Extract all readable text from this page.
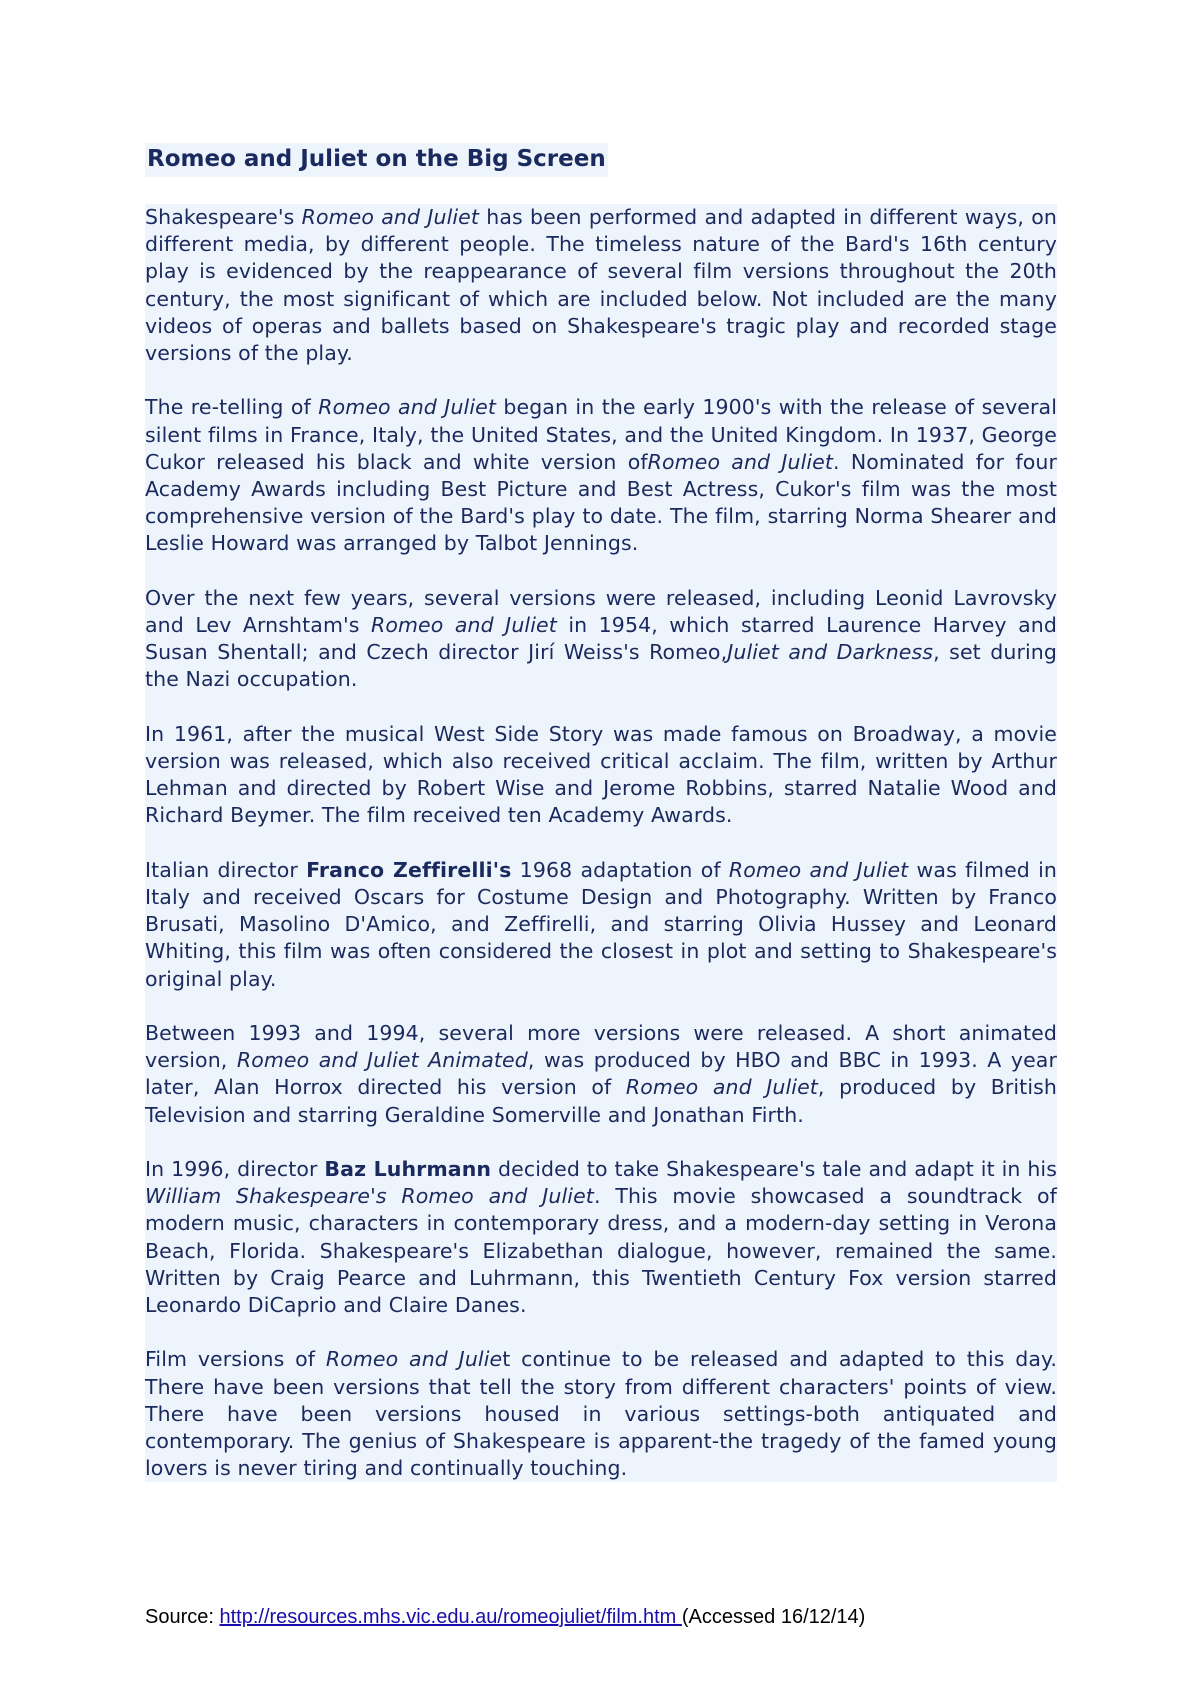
Romeo and Juliet on the Big Screen

Shakespeare's Romeo and Juliet has been performed and adapted in different ways, on different media, by different people. The timeless nature of the Bard's 16th century play is evidenced by the reappearance of several film versions throughout the 20th century, the most significant of which are included below. Not included are the many videos of operas and ballets based on Shakespeare's tragic play and recorded stage versions of the play.

The re-telling of Romeo and Juliet began in the early 1900's with the release of several silent films in France, Italy, the United States, and the United Kingdom. In 1937, George Cukor released his black and white version ofRomeo and Juliet. Nominated for four Academy Awards including Best Picture and Best Actress, Cukor's film was the most comprehensive version of the Bard's play to date. The film, starring Norma Shearer and Leslie Howard was arranged by Talbot Jennings.

Over the next few years, several versions were released, including Leonid Lavrovsky and Lev Arnshtam's Romeo and Juliet in 1954, which starred Laurence Harvey and Susan Shentall; and Czech director Jirí Weiss's Romeo,Juliet and Darkness, set during the Nazi occupation.

In 1961, after the musical West Side Story was made famous on Broadway, a movie version was released, which also received critical acclaim. The film, written by Arthur Lehman and directed by Robert Wise and Jerome Robbins, starred Natalie Wood and Richard Beymer. The film received ten Academy Awards.

Italian director Franco Zeffirelli's 1968 adaptation of Romeo and Juliet was filmed in Italy and received Oscars for Costume Design and Photography. Written by Franco Brusati, Masolino D'Amico, and Zeffirelli, and starring Olivia Hussey and Leonard Whiting, this film was often considered the closest in plot and setting to Shakespeare's original play.

Between 1993 and 1994, several more versions were released. A short animated version, Romeo and Juliet Animated, was produced by HBO and BBC in 1993. A year later, Alan Horrox directed his version of Romeo and Juliet, produced by British Television and starring Geraldine Somerville and Jonathan Firth.

In 1996, director Baz Luhrmann decided to take Shakespeare's tale and adapt it in his William Shakespeare's Romeo and Juliet. This movie showcased a soundtrack of modern music, characters in contemporary dress, and a modern-day setting in Verona Beach, Florida. Shakespeare's Elizabethan dialogue, however, remained the same. Written by Craig Pearce and Luhrmann, this Twentieth Century Fox version starred Leonardo DiCaprio and Claire Danes.

Film versions of Romeo and Juliet continue to be released and adapted to this day. There have been versions that tell the story from different characters' points of view. There have been versions housed in various settings-both antiquated and contemporary. The genius of Shakespeare is apparent-the tragedy of the famed young lovers is never tiring and continually touching.

Source: http://resources.mhs.vic.edu.au/romeojuliet/film.htm (Accessed 16/12/14)
